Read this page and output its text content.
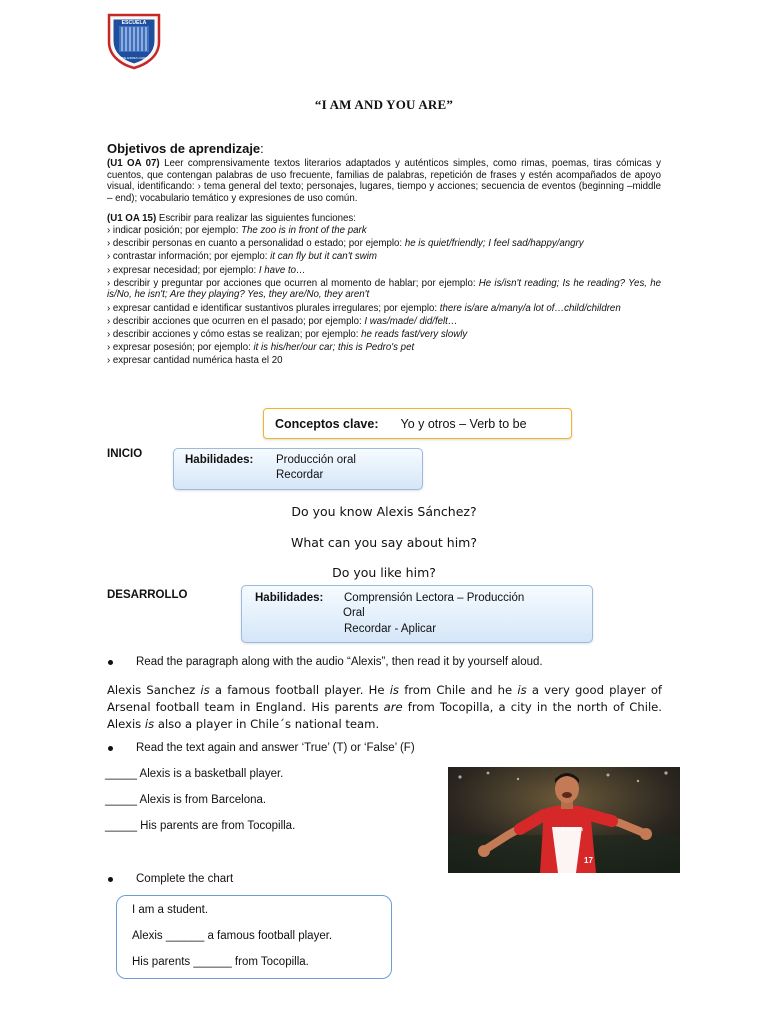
ESCUELA
JAIME ANDRES CORREA
“I AM AND YOU ARE”
Objetivos de aprendizaje:
(U1 OA 07) Leer comprensivamente textos literarios adaptados y auténticos simples, como rimas, poemas, tiras cómicas y cuentos, que contengan palabras de uso frecuente, familias de palabras, repetición de frases y estén acompañados de apoyo visual, identificando: › tema general del texto; personajes, lugares, tiempo y acciones; secuencia de eventos (beginning –middle – end); vocabulario temático y expresiones de uso común.
(U1 OA 15) Escribir para realizar las siguientes funciones:
› indicar posición; por ejemplo: The zoo is in front of the park
› describir personas en cuanto a personalidad o estado; por ejemplo: he is quiet/friendly; I feel sad/happy/angry
› contrastar información; por ejemplo: it can fly but it can't swim
› expresar necesidad; por ejemplo: I have to…
› describir y preguntar por acciones que ocurren al momento de hablar; por ejemplo: He is/isn't reading; Is he reading? Yes, he is/No, he isn't; Are they playing? Yes, they are/No, they aren't
› expresar cantidad e identificar sustantivos plurales irregulares; por ejemplo: there is/are a/many/a lot of…child/children
› describir acciones que ocurren en el pasado; por ejemplo: I was/made/ did/felt…
› describir acciones y cómo estas se realizan; por ejemplo: he reads fast/very slowly
› expresar posesión; por ejemplo: it is his/her/our car; this is Pedro's pet
› expresar cantidad numérica hasta el 20
Conceptos clave: Yo y otros – Verb to be
INICIO	Habilidades: Producción oral
Recordar
Do you know Alexis Sánchez?
What can you say about him?
Do you like him?
DESARROLLO	Habilidades: Comprensión Lectora – Producción
Oral
Recordar - Aplicar
Read the paragraph along with the audio “Alexis”, then read it by yourself aloud.
Alexis Sanchez is a famous football player. He is from Chile and he is a very good player of Arsenal football team in England. His parents are from Tocopilla, a city in the north of Chile. Alexis is also a player in Chile´s national team.
Read the text again and answer ‘True’ (T) or ‘False’ (F)
_____ Alexis is a basketball player.
_____ Alexis is from Barcelona.
_____ His parents are from Tocopilla.	Fly Emirates
17
Complete the chart
I am a student.
Alexis ______ a famous football player.
His parents ______ from Tocopilla.
